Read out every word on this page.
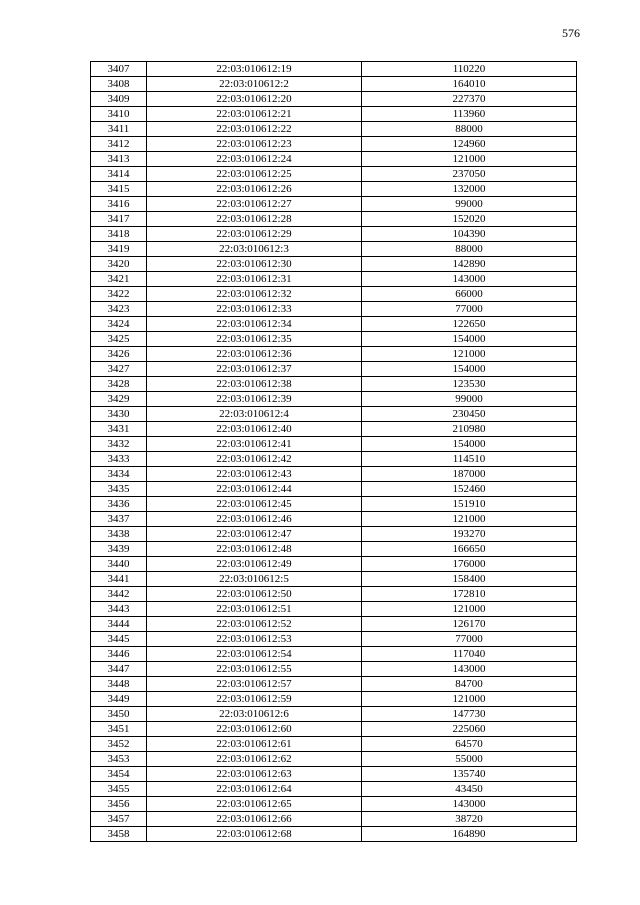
576
3407	22:03:010612:19	110220
3408	22:03:010612:2	164010
3409	22:03:010612:20	227370
3410	22:03:010612:21	113960
3411	22:03:010612:22	88000
3412	22:03:010612:23	124960
3413	22:03:010612:24	121000
3414	22:03:010612:25	237050
3415	22:03:010612:26	132000
3416	22:03:010612:27	99000
3417	22:03:010612:28	152020
3418	22:03:010612:29	104390
3419	22:03:010612:3	88000
3420	22:03:010612:30	142890
3421	22:03:010612:31	143000
3422	22:03:010612:32	66000
3423	22:03:010612:33	77000
3424	22:03:010612:34	122650
3425	22:03:010612:35	154000
3426	22:03:010612:36	121000
3427	22:03:010612:37	154000
3428	22:03:010612:38	123530
3429	22:03:010612:39	99000
3430	22:03:010612:4	230450
3431	22:03:010612:40	210980
3432	22:03:010612:41	154000
3433	22:03:010612:42	114510
3434	22:03:010612:43	187000
3435	22:03:010612:44	152460
3436	22:03:010612:45	151910
3437	22:03:010612:46	121000
3438	22:03:010612:47	193270
3439	22:03:010612:48	166650
3440	22:03:010612:49	176000
3441	22:03:010612:5	158400
3442	22:03:010612:50	172810
3443	22:03:010612:51	121000
3444	22:03:010612:52	126170
3445	22:03:010612:53	77000
3446	22:03:010612:54	117040
3447	22:03:010612:55	143000
3448	22:03:010612:57	84700
3449	22:03:010612:59	121000
3450	22:03:010612:6	147730
3451	22:03:010612:60	225060
3452	22:03:010612:61	64570
3453	22:03:010612:62	55000
3454	22:03:010612:63	135740
3455	22:03:010612:64	43450
3456	22:03:010612:65	143000
3457	22:03:010612:66	38720
3458	22:03:010612:68	164890
